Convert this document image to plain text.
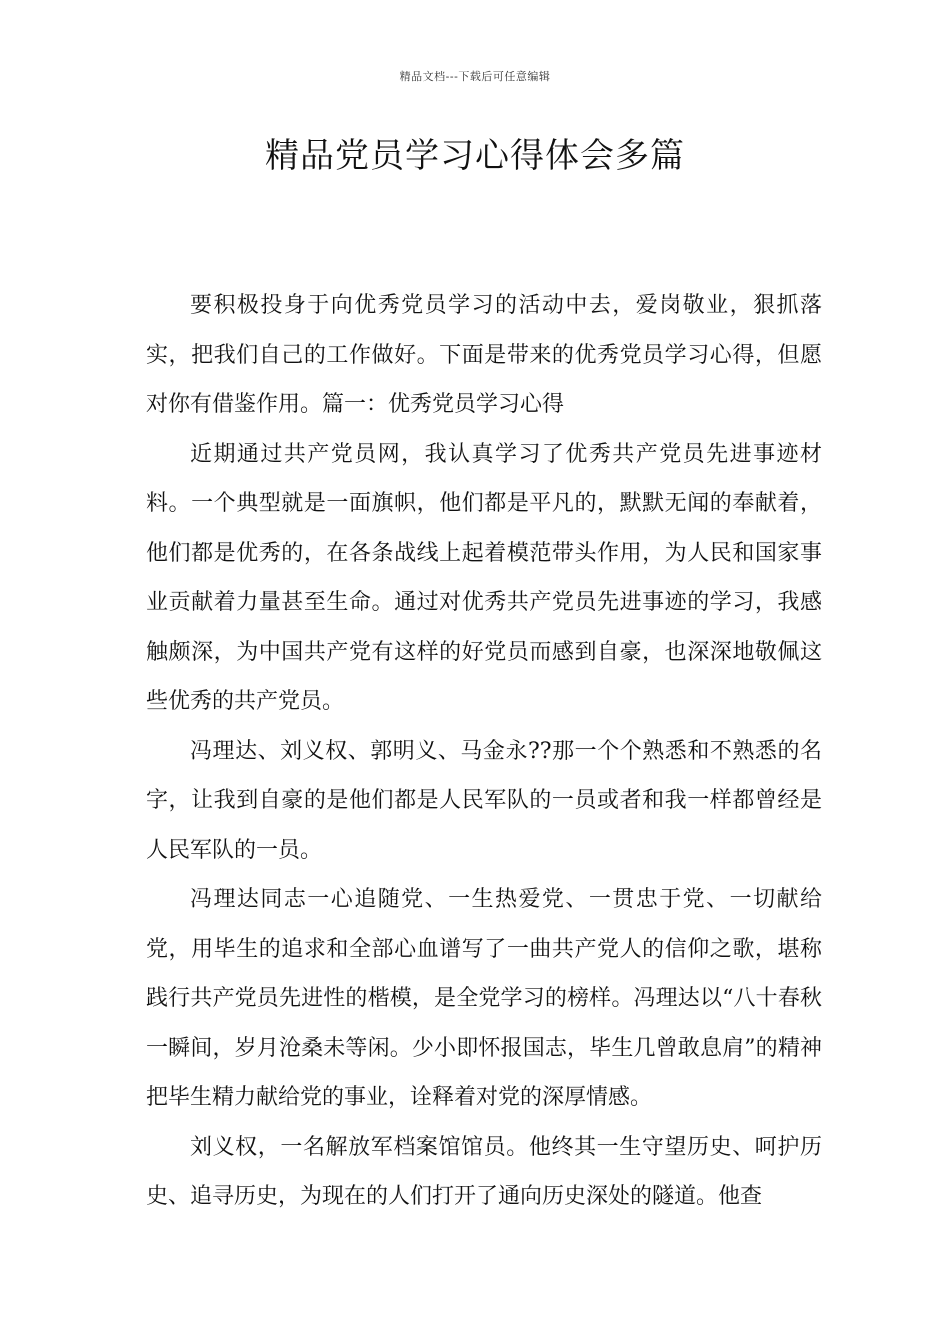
精品文档---下载后可任意编辑
精品党员学习心得体会多篇

要积极投身于向优秀党员学习的活动中去，爱岗敬业，狠抓落实，把我们自己的工作做好。下面是带来的优秀党员学习心得，但愿对你有借鉴作用。篇一：优秀党员学习心得

近期通过共产党员网，我认真学习了优秀共产党员先进事迹材料。一个典型就是一面旗帜，他们都是平凡的，默默无闻的奉献着，他们都是优秀的，在各条战线上起着模范带头作用，为人民和国家事业贡献着力量甚至生命。通过对优秀共产党员先进事迹的学习，我感触颇深，为中国共产党有这样的好党员而感到自豪，也深深地敬佩这些优秀的共产党员。

冯理达、刘义权、郭明义、马金永??那一个个熟悉和不熟悉的名字，让我到自豪的是他们都是人民军队的一员或者和我一样都曾经是人民军队的一员。

冯理达同志一心追随党、一生热爱党、一贯忠于党、一切献给党，用毕生的追求和全部心血谱写了一曲共产党人的信仰之歌，堪称践行共产党员先进性的楷模，是全党学习的榜样。冯理达以“八十春秋一瞬间，岁月沧桑未等闲。少小即怀报国志，毕生几曾敢息肩”的精神把毕生精力献给党的事业，诠释着对党的深厚情感。

刘义权，一名解放军档案馆馆员。他终其一生守望历史、呵护历史、追寻历史，为现在的人们打开了通向历史深处的隧道。他查
